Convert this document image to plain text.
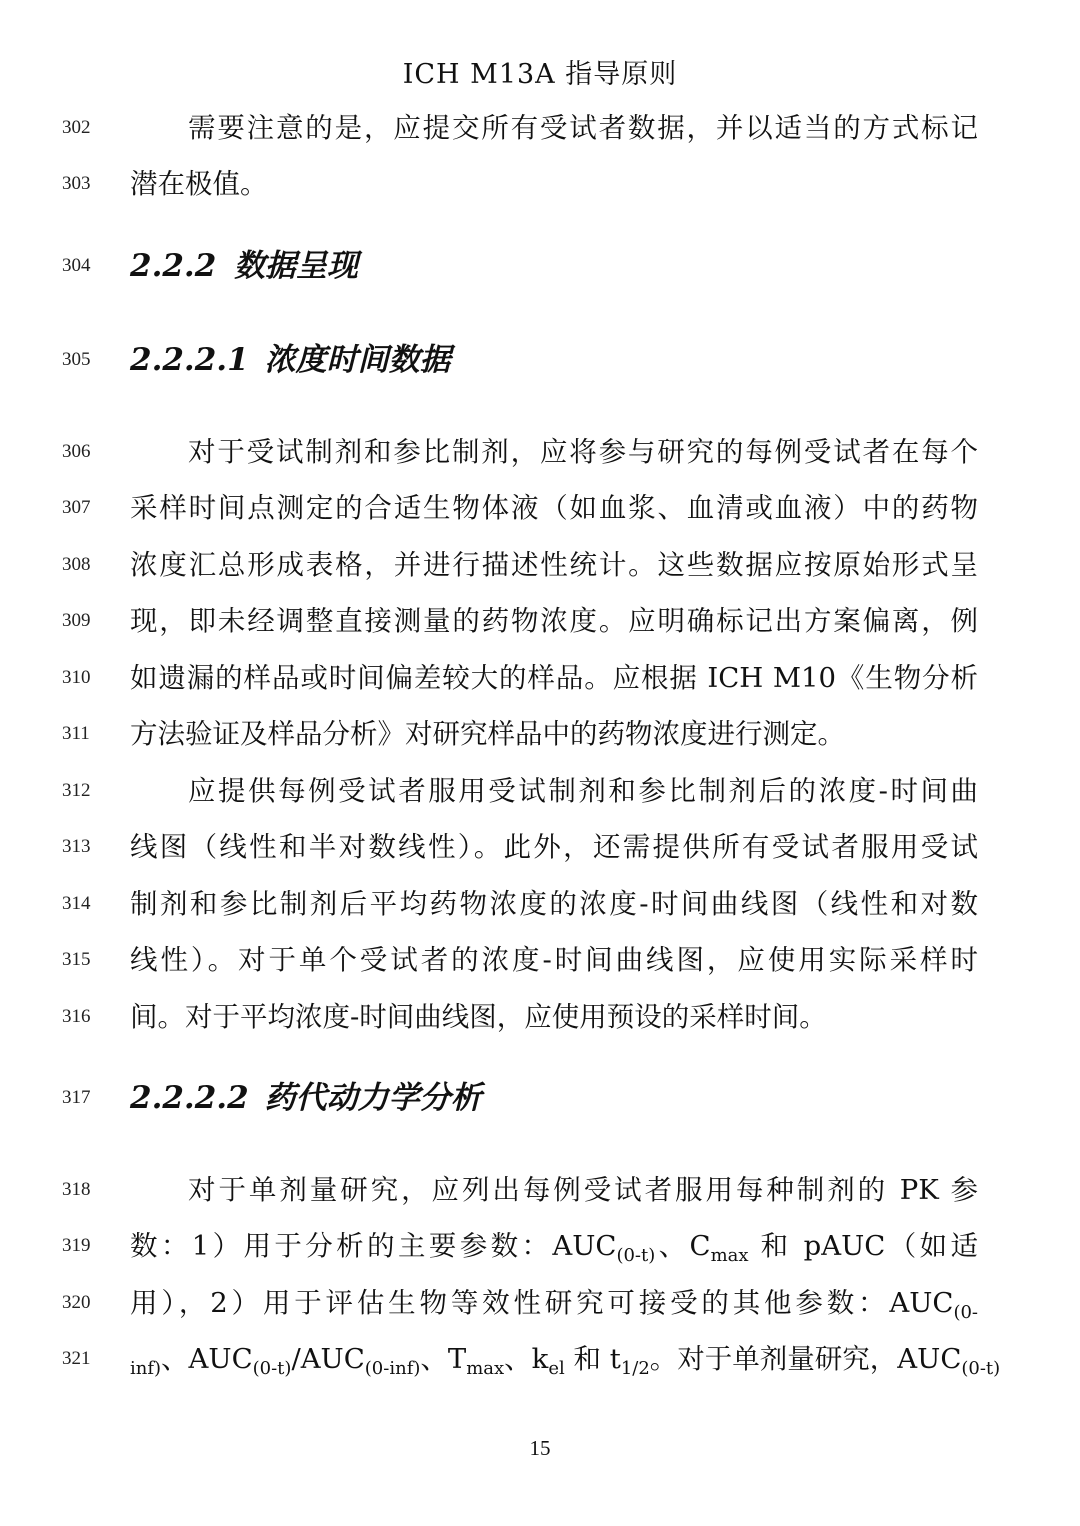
ICH M13A 指导原则
302	需要注意的是，应提交所有受试者数据，并以适当的方式标记
303	潜在极值。
304	2.2.2 数据呈现
305	2.2.2.1 浓度时间数据
306	对于受试制剂和参比制剂，应将参与研究的每例受试者在每个
307	采样时间点测定的合适生物体液（如血浆、血清或血液）中的药物
308	浓度汇总形成表格，并进行描述性统计。这些数据应按原始形式呈
309	现，即未经调整直接测量的药物浓度。应明确标记出方案偏离，例
310	如遗漏的样品或时间偏差较大的样品。应根据 ICH M10《生物分析
311	方法验证及样品分析》对研究样品中的药物浓度进行测定。
312	应提供每例受试者服用受试制剂和参比制剂后的浓度-时间曲
313	线图（线性和半对数线性）。此外，还需提供所有受试者服用受试
314	制剂和参比制剂后平均药物浓度的浓度-时间曲线图（线性和对数
315	线性）。对于单个受试者的浓度-时间曲线图，应使用实际采样时
316	间。对于平均浓度-时间曲线图，应使用预设的采样时间。
317	2.2.2.2 药代动力学分析
318	对于单剂量研究，应列出每例受试者服用每种制剂的 PK 参
319	数：1）用于分析的主要参数：$AUC_{(0-t)}$、$C_{max}$ 和 pAUC（如适
320	用），2）用于评估生物等效性研究可接受的其他参数：$AUC_{(0-}$
321	$_{inf)}$、$AUC_{(0-t)}/AUC_{(0-inf)}$、$T_{max}$、$k_{el}$ 和 $t_{1/2}$。对于单剂量研究，$AUC_{(0-t)}$
15
